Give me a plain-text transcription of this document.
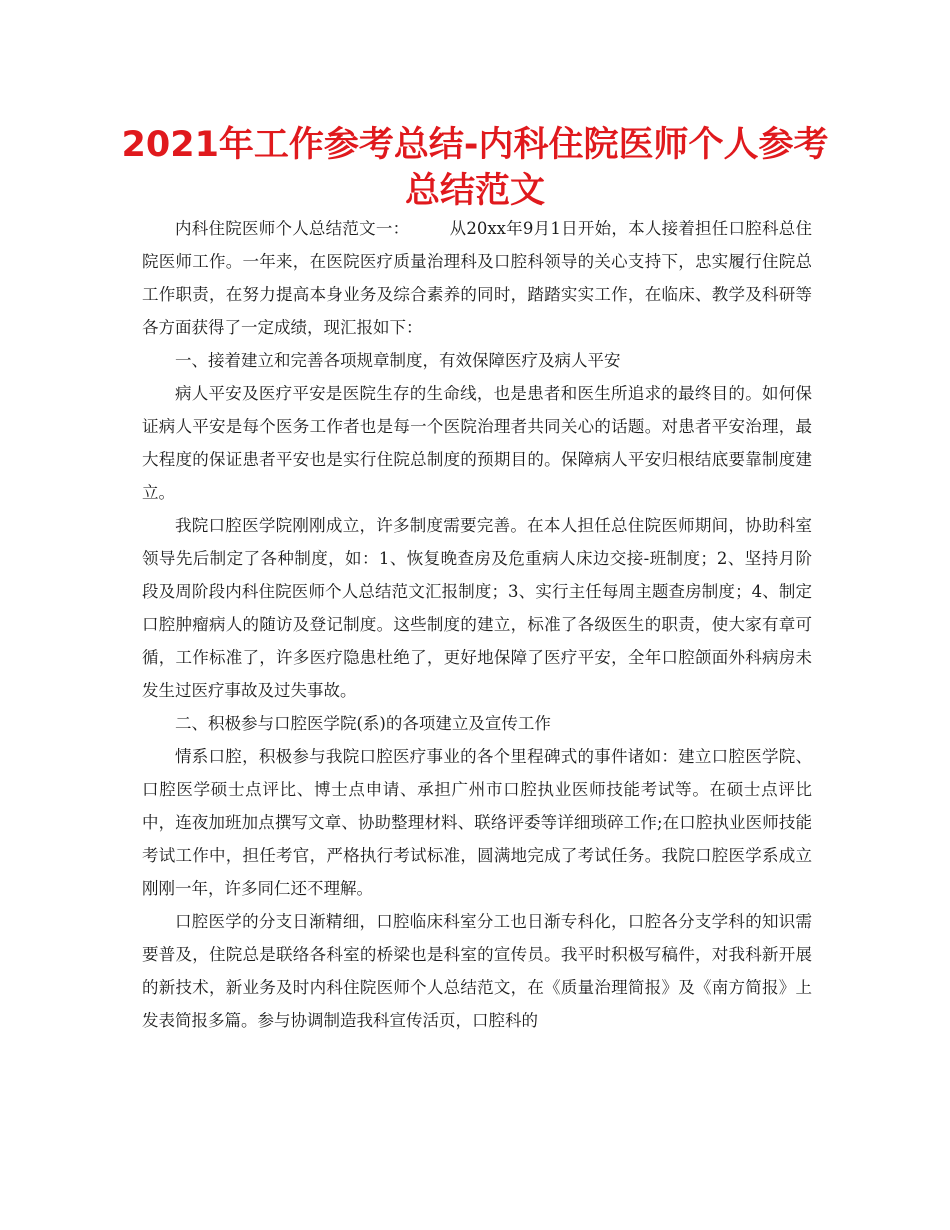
2021年工作参考总结-内科住院医师个人参考总结范文

内科住院医师个人总结范文一： 从20xx年9月1日开始，本人接着担任口腔科总住院医师工作。一年来，在医院医疗质量治理科及口腔科领导的关心支持下，忠实履行住院总工作职责，在努力提高本身业务及综合素养的同时，踏踏实实工作，在临床、教学及科研等各方面获得了一定成绩，现汇报如下：

一、接着建立和完善各项规章制度，有效保障医疗及病人平安

病人平安及医疗平安是医院生存的生命线，也是患者和医生所追求的最终目的。如何保证病人平安是每个医务工作者也是每一个医院治理者共同关心的话题。对患者平安治理，最大程度的保证患者平安也是实行住院总制度的预期目的。保障病人平安归根结底要靠制度建立。

我院口腔医学院刚刚成立，许多制度需要完善。在本人担任总住院医师期间，协助科室领导先后制定了各种制度，如：1、恢复晚查房及危重病人床边交接-班制度；2、坚持月阶段及周阶段内科住院医师个人总结范文汇报制度；3、实行主任每周主题查房制度；4、制定口腔肿瘤病人的随访及登记制度。这些制度的建立，标准了各级医生的职责，使大家有章可循，工作标准了，许多医疗隐患杜绝了，更好地保障了医疗平安，全年口腔颌面外科病房未发生过医疗事故及过失事故。

二、积极参与口腔医学院(系)的各项建立及宣传工作

情系口腔，积极参与我院口腔医疗事业的各个里程碑式的事件诸如：建立口腔医学院、口腔医学硕士点评比、博士点申请、承担广州市口腔执业医师技能考试等。在硕士点评比中，连夜加班加点撰写文章、协助整理材料、联络评委等详细琐碎工作;在口腔执业医师技能考试工作中，担任考官，严格执行考试标准，圆满地完成了考试任务。我院口腔医学系成立刚刚一年，许多同仁还不理解。

口腔医学的分支日渐精细，口腔临床科室分工也日渐专科化，口腔各分支学科的知识需要普及，住院总是联络各科室的桥梁也是科室的宣传员。我平时积极写稿件，对我科新开展的新技术，新业务及时内科住院医师个人总结范文，在《质量治理简报》及《南方简报》上发表简报多篇。参与协调制造我科宣传活页，口腔科的
